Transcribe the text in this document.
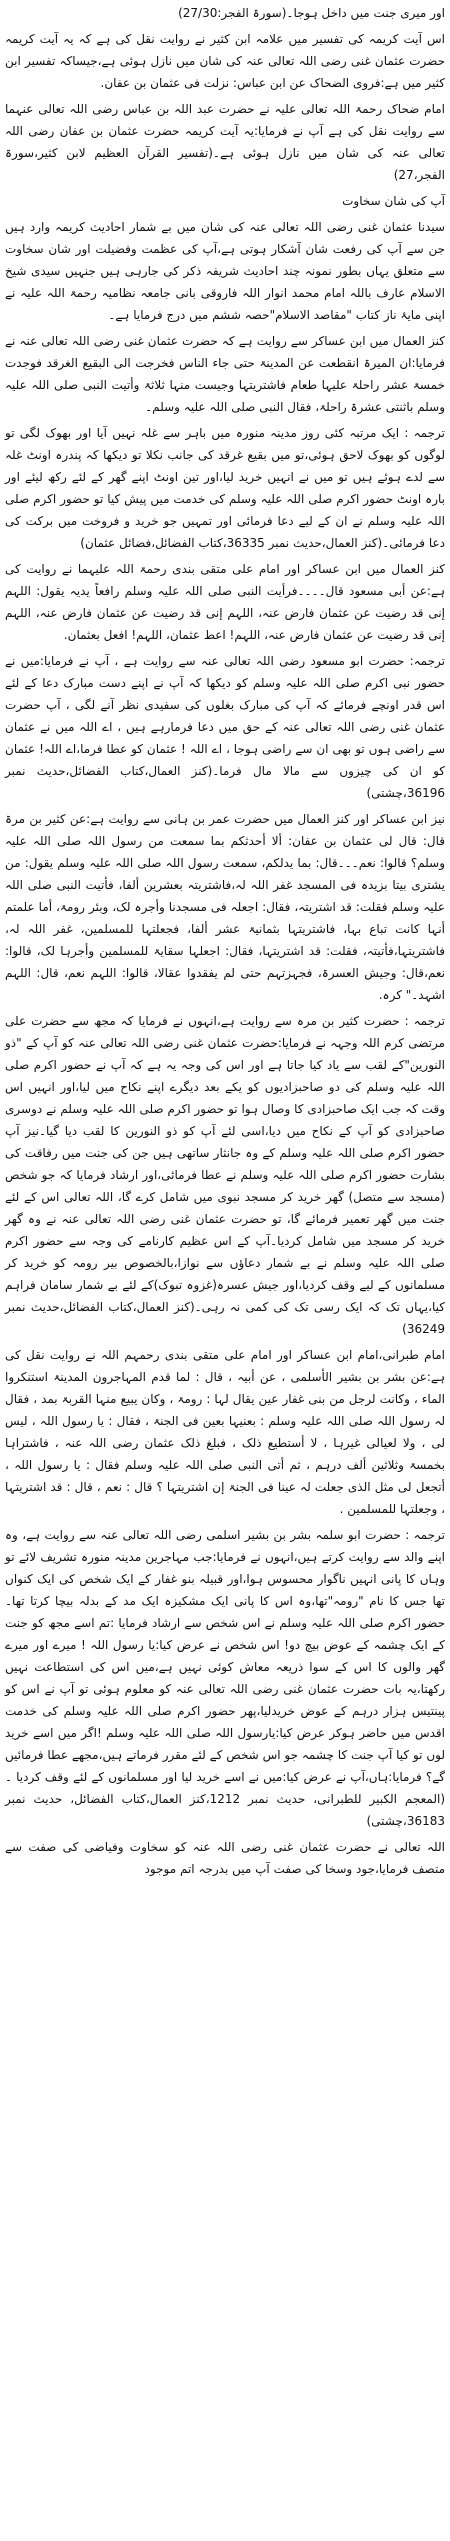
اور میری جنت میں داخل ہوجا۔(سورۃ الفجر:27/30)

اس آیت کریمہ کی تفسیر میں علامہ ابن کثیر نے روایت نقل کی ہے کہ یہ آیت کریمہ حضرت عثمان غنی رضی اللہ تعالی عنہ کی شان میں نازل ہوئی ہے،جیساکہ تفسیر ابن کثیر میں ہے:فروی الضحاک عن ابن عباس: نزلت فی عثمان بن عفان.

امام ضحاک رحمۃ اللہ تعالی علیہ نے حضرت عبد اللہ بن عباس رضی اللہ تعالی عنہما سے روایت نقل کی ہے آپ نے فرمایا:یہ آیت کریمہ حضرت عثمان بن عفان رضی اللہ تعالی عنہ کی شان میں نازل ہوئی ہے۔(تفسیر القرآن العظیم لابن کثیر،سورۃ الفجر،27)

آپ کی شان سخاوت

سیدنا عثمان غنی رضی اللہ تعالی عنہ کی شان میں بے شمار احادیث کریمہ وارد ہیں جن سے آپ کی رفعت شان آشکار ہوتی ہے،آپ کی عظمت وفضیلت اور شان سخاوت سے متعلق یہاں بطور نمونہ چند احادیث شریفہ ذکر کی جارہی ہیں جنہیں سیدی شیخ الاسلام عارف باللہ امام محمد انوار اللہ فاروقی بانی جامعہ نظامیہ رحمۃ اللہ علیہ نے اپنی مایۂ ناز کتاب "مقاصد الاسلام"حصہ ششم میں درج فرمایا ہے۔

کنز العمال میں ابن عساکر سے روایت ہے کہ حضرت عثمان غنی رضی اللہ تعالی عنہ نے فرمایا:ان المیرۃ انقطعت عن المدینۃ حتی جاء الناس فخرجت الی البقیع الغرقد فوجدت خمسۃ عشر راحلۃ علیہا طعام فاشتریتہا وجیست منہا ثلاثۃ وأتیت النبی صلی اللہ علیہ وسلم باثنتی عشرۃ راحلۃ، فقال النبی صلی اللہ علیہ وسلم۔

ترجمہ : ایک مرتبہ کئی روز مدینہ منورہ میں باہر سے غلہ نہیں آیا اور بھوک لگی تو لوگوں کو بھوک لاحق ہوئی،تو میں بقیع غرقد کی جانب نکلا تو دیکھا کہ پندرہ اونٹ غلہ سے لدے ہوئے ہیں تو میں نے انہیں خرید لیا،اور تین اونٹ اپنے گھر کے لئے رکھ لیئے اور بارہ اونٹ حضور اکرم صلی اللہ علیہ وسلم کی خدمت میں پیش کیا تو حضور اکرم صلی اللہ علیہ وسلم نے ان کے لیے دعا فرمائی اور تمہیں جو خرید و فروخت میں برکت کی دعا فرمائی۔(کنز العمال،حدیث نمبر 36335،کتاب الفضائل،فضائل عثمان)

کنز العمال میں ابن عساکر اور امام علی متقی بندی رحمۃ اللہ علیہما نے روایت کی ہے:عن أبی مسعود قال۔۔۔۔فرأیت النبی صلی اللہ علیہ وسلم رافعاً یدیہ یقول: اللہم إنی قد رضیت عن عثمان فارض عنہ، اللہم إنی قد رضیت عن عثمان فارض عنہ، اللہم إنی قد رضیت عن عثمان فارض عنہ، اللہم! اعط عثمان، اللہم! افعل بعثمان.

ترجمہ: حضرت ابو مسعود رضی اللہ تعالی عنہ سے روایت ہے ، آپ نے فرمایا:میں نے حضور نبی اکرم صلی اللہ علیہ وسلم کو دیکھا کہ آپ نے اپنے دست مبارک دعا کے لئے اس قدر اونچے فرمائے کہ آپ کی مبارک بغلوں کی سفیدی نظر آنے لگی ، آپ حضرت عثمان غنی رضی اللہ تعالی عنہ کے حق میں دعا فرمارہے ہیں ، اے اللہ میں نے عثمان سے راضی ہوں تو بھی ان سے راضی ہوجا ، اے اللہ ! عثمان کو عطا فرما،اے اللہ! عثمان کو ان کی چیزوں سے مالا مال فرما۔(کنز العمال،کتاب الفضائل،حدیث نمبر 36196،چشتی)

نیز ابن عساکر اور کنز العمال میں حضرت عمر بن ہانی سے روایت ہے:عن کثیر بن مرۃ قال: قال لی عثمان بن عفان: ألا أحدثکم بما سمعت من رسول اللہ صلی اللہ علیہ وسلم؟ قالوا: نعم۔۔۔قال: بما یدلکم، سمعت رسول اللہ صلی اللہ علیہ وسلم یقول: من یشتری بیتا بزیدہ فی المسجد غفر اللہ لہ،فاشتریتہ بعشرین ألفا، فأتیت النبی صلی اللہ علیہ وسلم فقلت: قد اشتریتہ، فقال: اجعلہ فی مسجدنا وأجرہ لک، وبئر رومۃ، أما علمتم أنہا کانت تباع بہا، فاشتریتہا بثمانیۃ عشر ألفا، فجعلتہا للمسلمین، غفر اللہ لہ، فاشتریتہا،فأتیتہ، فقلت: قد اشتریتہا، فقال: اجعلہا سقایۃ للمسلمین وأجرہا لک، قالوا: نعم،قال: وجیش العسرۃ، فجہزتہم حتی لم یفقدوا عقالا، قالوا: اللہم نعم، قال: اللہم اشہد۔" کرہ.

ترجمہ : حضرت کثیر بن مرہ سے روایت ہے،انہوں نے فرمایا کہ مجھ سے حضرت علی مرتضی کرم اللہ وجہہ نے فرمایا:حضرت عثمان غنی رضی اللہ تعالی عنہ کو آپ کے "ذو النورین"کے لقب سے یاد کیا جاتا ہے اور اس کی وجہ یہ ہے کہ آپ نے حضور اکرم صلی اللہ علیہ وسلم کی دو صاحبزادیوں کو یکے بعد دیگرے اپنے نکاح میں لیا،اور انہیں اس وقت کہ جب ایک صاحبزادی کا وصال ہوا تو حضور اکرم صلی اللہ علیہ وسلم نے دوسری صاحبزادی کو آپ کے نکاح میں دیا،اسی لئے آپ کو ذو النورین کا لقب دیا گیا۔نیز آپ حضور اکرم صلی اللہ علیہ وسلم کے وہ جانثار ساتھی ہیں جن کی جنت میں رفاقت کی بشارت حضور اکرم صلی اللہ علیہ وسلم نے عطا فرمائی،اور ارشاد فرمایا کہ جو شخص (مسجد سے متصل) گھر خرید کر مسجد نبوی میں شامل کرے گا، اللہ تعالی اس کے لئے جنت میں گھر تعمیر فرمائے گا، تو حضرت عثمان غنی رضی اللہ تعالی عنہ نے وہ گھر خرید کر مسجد میں شامل کردیا۔آپ کے اس عظیم کارنامے کی وجہ سے حضور اکرم صلی اللہ علیہ وسلم نے بے شمار دعاؤں سے نوازا،بالخصوص بیر رومہ کو خرید کر مسلمانوں کے لیے وقف کردیا،اور جیش عسرہ(غزوہ تبوک)کے لئے بے شمار سامان فراہم کیا،یہاں تک کہ ایک رسی تک کی کمی نہ رہی۔(کنز العمال،کتاب الفضائل،حدیث نمبر 36249)

امام طبرانی،امام ابن عساکر اور امام علی متقی بندی رحمہم اللہ نے روایت نقل کی ہے:عن بشر بن بشیر الأسلمی ، عن أبیہ ، قال : لما قدم المہاجرون المدینۃ استنکروا الماء ، وکانت لرجل من بنی غفار عین یقال لہا : رومۃ ، وکان یبیع منہا القربۃ بمد ، فقال لہ رسول اللہ صلی اللہ علیہ وسلم : بعنیہا بعین فی الجنۃ ، فقال : یا رسول اللہ ، لیس لی ، ولا لعیالی غیرہا ، لا أستطیع ذلک ، فبلغ ذلک عثمان رضی اللہ عنہ ، فاشتراہا بخمسۃ وثلاثین ألف درہم ، ثم أتی النبی صلی اللہ علیہ وسلم فقال : یا رسول اللہ ، أتجعل لی مثل الذی جعلت لہ عینا فی الجنۃ إن اشتریتہا ؟ قال : نعم ، قال : قد اشتریتہا ، وجعلتہا للمسلمین .

ترجمہ : حضرت ابو سلمہ بشر بن بشیر اسلمی رضی اللہ تعالی عنہ سے روایت ہے، وہ اپنے والد سے روایت کرتے ہیں،انہوں نے فرمایا:جب مہاجرین مدینہ منورہ تشریف لائے تو وہاں کا پانی انہیں ناگوار محسوس ہوا،اور قبیلہ بنو غفار کے ایک شخص کی ایک کنواں تھا جس کا نام "رومہ"تھا،وہ اس کا پانی ایک مشکیزہ ایک مد کے بدلہ بیچا کرتا تھا۔حضور اکرم صلی اللہ علیہ وسلم نے اس شخص سے ارشاد فرمایا :تم اسے مجھ کو جنت کے ایک چشمہ کے عوض بیچ دو! اس شخص نے عرض کیا:یا رسول اللہ ! میرے اور میرے گھر والوں کا اس کے سوا ذریعہ معاش کوئی نہیں ہے،میں اس کی استطاعت نہیں رکھتا،یہ بات حضرت عثمان غنی رضی اللہ تعالی عنہ کو معلوم ہوئی تو آپ نے اس کو پینتیس ہزار درہم کے عوض خریدلیا،پھر حضور اکرم صلی اللہ علیہ وسلم کی خدمت اقدس میں حاضر ہوکر عرض کیا:یارسول اللہ صلی اللہ علیہ وسلم !اگر میں اسے خرید لوں تو کیا آپ جنت کا چشمہ جو اس شخص کے لئے مقرر فرماتے ہیں،مجھے عطا فرمائیں گے؟ فرمایا:ہاں،آپ نے عرض کیا:میں نے اسے خرید لیا اور مسلمانوں کے لئے وقف کردیا ۔(المعجم الکبیر للطبرانی، حدیث نمبر 1212،کنز العمال،کتاب الفضائل، حدیث نمبر 36183،چشتی)

اللہ تعالی نے حضرت عثمان غنی رضی اللہ عنہ کو سخاوت وفیاضی کی صفت سے متصف فرمایا،جود وسخا کی صفت آپ میں بدرجہ اتم موجود
